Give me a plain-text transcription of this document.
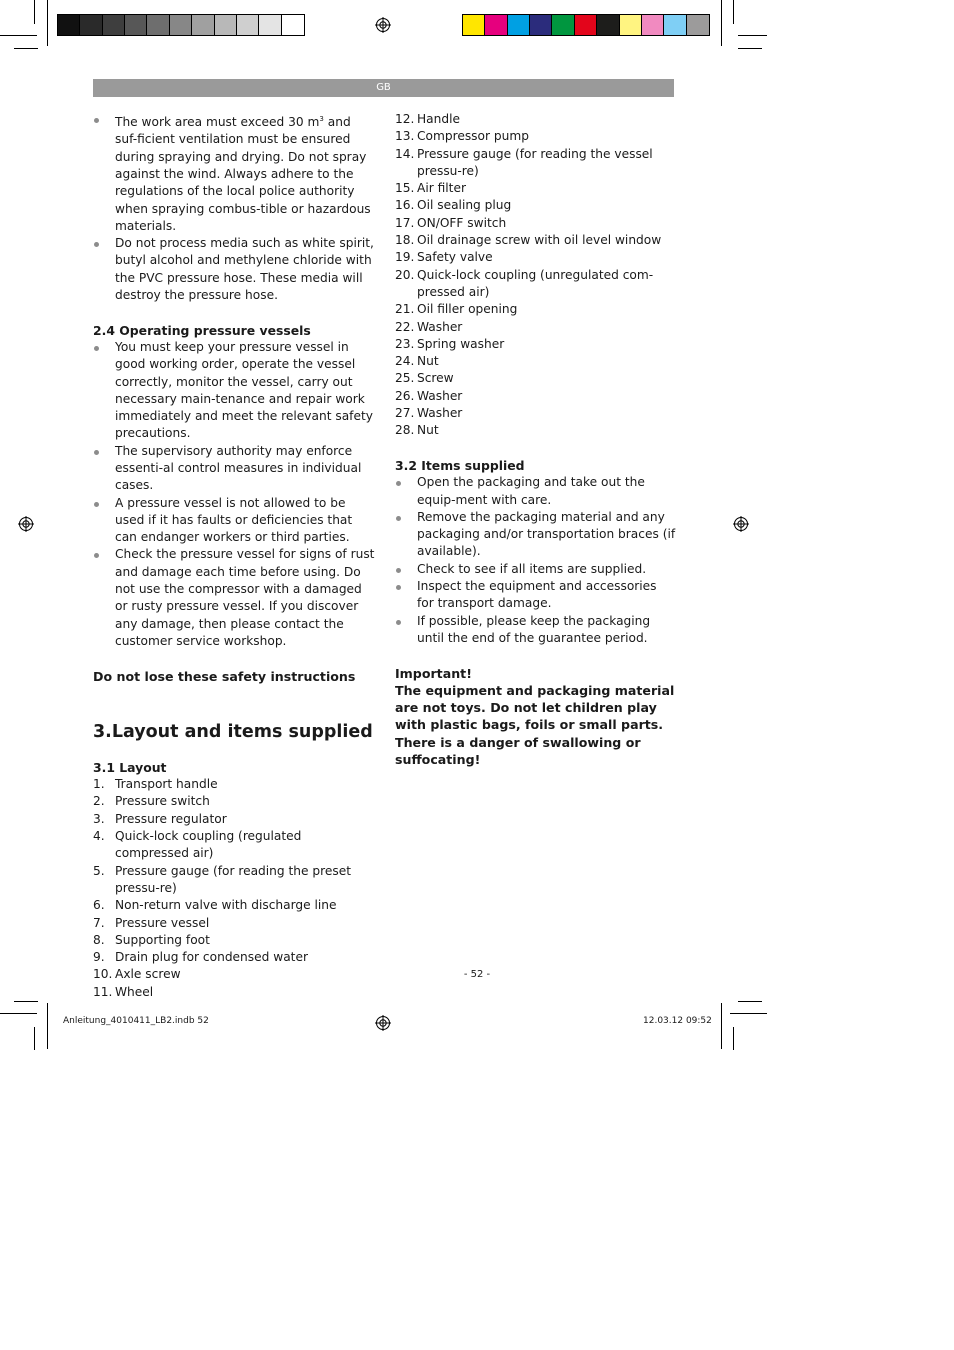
GB
The work area must exceed 30 $m^3$ and suf-ficient ventilation must be ensured during spraying and drying. Do not spray against the wind. Always adhere to the regulations of the local police authority when spraying combus-tible or hazardous materials.
Do not process media such as white spirit, butyl alcohol and methylene chloride with the PVC pressure hose. These media will destroy the pressure hose.

2.4 Operating pressure vessels

You must keep your pressure vessel in good working order, operate the vessel correctly, monitor the vessel, carry out necessary main-tenance and repair work immediately and meet the relevant safety precautions.
The supervisory authority may enforce essenti-al control measures in individual cases.
A pressure vessel is not allowed to be used if it has faults or deficiencies that can endanger workers or third parties.
Check the pressure vessel for signs of rust and damage each time before using. Do not use the compressor with a damaged or rusty pressure vessel. If you discover any damage, then please contact the customer service workshop.

Do not lose these safety instructions

3.Layout and items supplied

3.1 Layout

1. Transport handle
2. Pressure switch
3. Pressure regulator
4. Quick-lock coupling (regulated compressed air)
5. Pressure gauge (for reading the preset pressu-re)
6. Non-return valve with discharge line
7. Pressure vessel
8. Supporting foot
9. Drain plug for condensed water
10. Axle screw
11. Wheel
12. Handle
13. Compressor pump
14. Pressure gauge (for reading the vessel pressu-re)
15. Air filter
16. Oil sealing plug
17. ON/OFF switch
18. Oil drainage screw with oil level window
19. Safety valve
20. Quick-lock coupling (unregulated com-pressed air)
21. Oil filler opening
22. Washer
23. Spring washer
24. Nut
25. Screw
26. Washer
27. Washer
28. Nut

3.2 Items supplied

Open the packaging and take out the equip-ment with care.
Remove the packaging material and any packaging and/or transportation braces (if available).
Check to see if all items are supplied.
Inspect the equipment and accessories for transport damage.
If possible, please keep the packaging until the end of the guarantee period.

Important!

The equipment and packaging material are not toys. Do not let children play with plastic bags, foils or small parts. There is a danger of swallowing or suffocating!

- 52 -
Anleitung_4010411_LB2.indb 52	12.03.12 09:52
